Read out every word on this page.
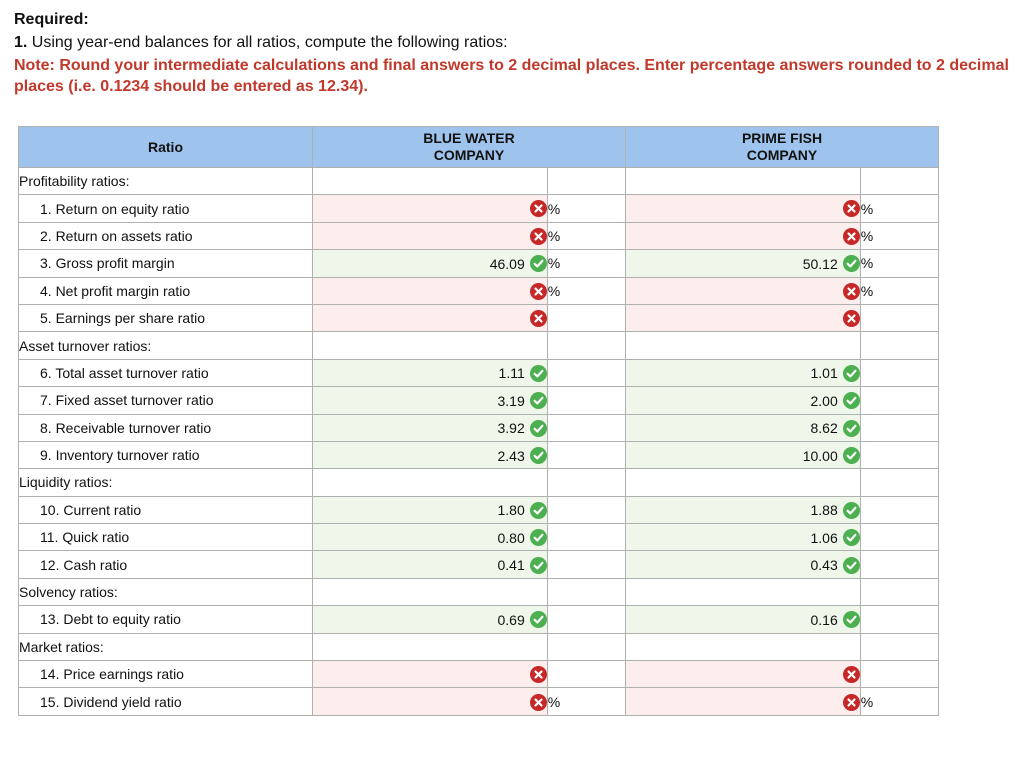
Required:
1. Using year-end balances for all ratios, compute the following ratios:
Note: Round your intermediate calculations and final answers to 2 decimal places. Enter percentage answers rounded to 2 decimal places (i.e. 0.1234 should be entered as 12.34).
Ratio	BLUE WATER COMPANY		PRIME FISH COMPANY	
Profitability ratios:				
1. Return on equity ratio		%		%
2. Return on assets ratio		%		%
3. Gross profit margin	46.09	%	50.12	%
4. Net profit margin ratio		%		%
5. Earnings per share ratio	

Asset turnover ratios:				
6. Total asset turnover ratio	1.11		1.01

7. Fixed asset turnover ratio	3.19		2.00

8. Receivable turnover ratio	3.92		8.62

9. Inventory turnover ratio	2.43		10.00

Liquidity ratios:				
10. Current ratio	1.80		1.88

11. Quick ratio	0.80		1.06

12. Cash ratio	0.41		0.43

Solvency ratios:				
13. Debt to equity ratio	0.69		0.16

Market ratios:				
14. Price earnings ratio	

15. Dividend yield ratio		%		%
